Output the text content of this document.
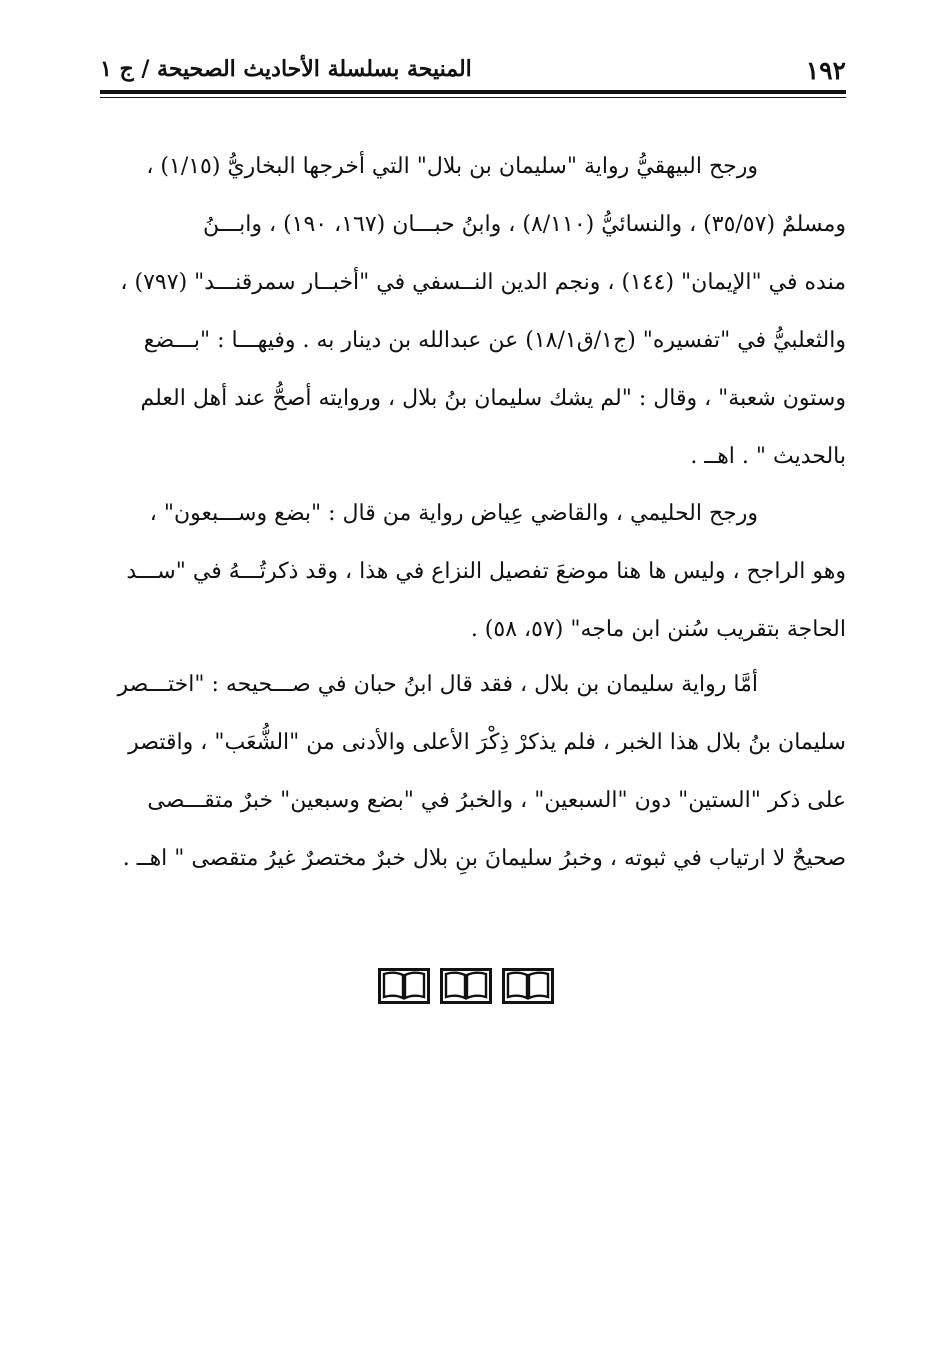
١٩٢
المنيحة بسلسلة الأحاديث الصحيحة / ج ١
ورجح البيهقيُّ رواية "سليمان بن بلال" التي أخرجها البخاريُّ (١/١٥) ،
ومسلمٌ (٣٥/٥٧) ، والنسائيُّ (٨/١١٠) ، وابنُ حبـــان (١٦٧، ١٩٠) ، وابـــنُ
منده في "الإيمان" (١٤٤) ، ونجم الدين النــسفي في "أخبــار سمرقنـــد" (٧٩٧) ،
والثعلبيُّ في "تفسيره" (ج١/ق١٨/١) عن عبدالله بن دينار به . وفيهـــا : "بـــضع
وستون شعبة" ، وقال : "لم يشك سليمان بنُ بلال ، وروايته أصحُّ عند أهل العلم
بالحديث " . اهــ .
ورجح الحليمي ، والقاضي عِياض رواية من قال : "بضع وســـبعون" ،
وهو الراجح ، وليس ها هنا موضعَ تفصيل النزاع في هذا ، وقد ذكرتُـــهُ في "ســـد
الحاجة بتقريب سُنن ابن ماجه" (٥٧، ٥٨) .
أمَّا رواية سليمان بن بلال ، فقد قال ابنُ حبان في صـــحيحه : "اختـــصر
سليمان بنُ بلال هذا الخبر ، فلم يذكرْ ذِكْرَ الأعلى والأدنى من "الشُّعَب" ، واقتصر
على ذكر "الستين" دون "السبعين" ، والخبرُ في "بضع وسبعين" خبرٌ متقـــصى
صحيحٌ لا ارتياب في ثبوته ، وخبرُ سليمانَ بنِ بلال خبرٌ مختصرٌ غيرُ متقصى " اهــ .
